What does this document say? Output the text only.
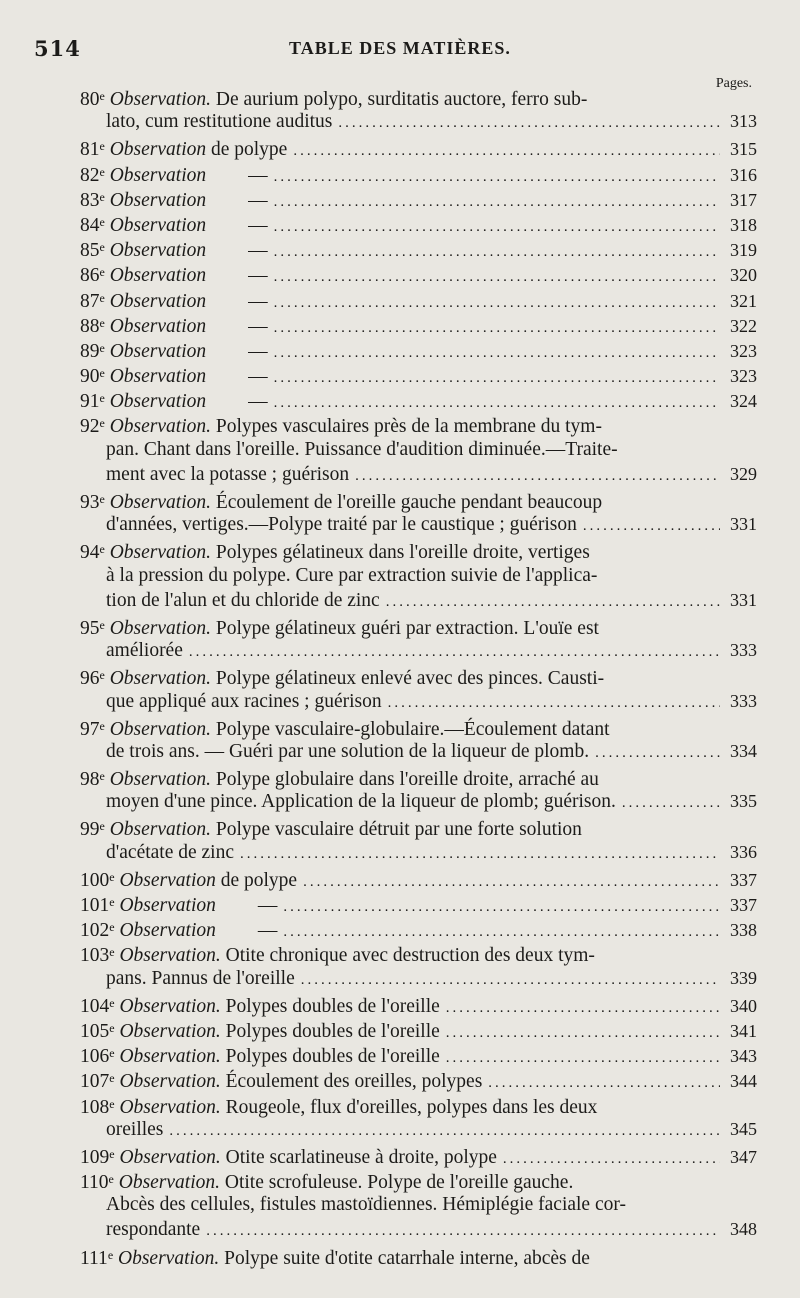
514	TABLE DES MATIÈRES.
Pages.
80e Observation. De aurium polypo, surditatis auctore, ferro sub-
lato, cum restitutione auditus .....	313
81e Observation de polype .....	315
82e Observation — .....	316
83e Observation — .....	317
84e Observation — .....	318
85e Observation — .....	319
86e Observation — .....	320
87e Observation — .....	321
88e Observation — .....	322
89e Observation — .....	323
90e Observation — .....	323
91e Observation — .....	324
92e Observation. Polypes vasculaires près de la membrane du tym-
pan. Chant dans l'oreille. Puissance d'audition diminuée.—Traite-
ment avec la potasse ; guérison .....	329
93e Observation. Écoulement de l'oreille gauche pendant beaucoup
d'années, vertiges.—Polype traité par le caustique ; guérison .....	331
94e Observation. Polypes gélatineux dans l'oreille droite, vertiges
à la pression du polype. Cure par extraction suivie de l'applica-
tion de l'alun et du chloride de zinc .....	331
95e Observation. Polype gélatineux guéri par extraction. L'ouïe est
améliorée .....	333
96e Observation. Polype gélatineux enlevé avec des pinces. Causti-
que appliqué aux racines ; guérison .....	333
97e Observation. Polype vasculaire-globulaire.—Écoulement datant
de trois ans. — Guéri par une solution de la liqueur de plomb. .....	334
98e Observation. Polype globulaire dans l'oreille droite, arraché au
moyen d'une pince. Application de la liqueur de plomb; guérison. .....	335
99e Observation. Polype vasculaire détruit par une forte solution
d'acétate de zinc .....	336
100e Observation de polype .....	337
101e Observation — .....	337
102e Observation — .....	338
103e Observation. Otite chronique avec destruction des deux tym-
pans. Pannus de l'oreille .....	339
104e Observation. Polypes doubles de l'oreille .....	340
105e Observation. Polypes doubles de l'oreille .....	341
106e Observation. Polypes doubles de l'oreille .....	343
107e Observation. Écoulement des oreilles, polypes .....	344
108e Observation. Rougeole, flux d'oreilles, polypes dans les deux
oreilles .....	345
109e Observation. Otite scarlatineuse à droite, polype .....	347
110e Observation. Otite scrofuleuse. Polype de l'oreille gauche.
Abcès des cellules, fistules mastoïdiennes. Hémiplégie faciale cor-
respondante .....	348
111e Observation. Polype suite d'otite catarrhale interne, abcès de
